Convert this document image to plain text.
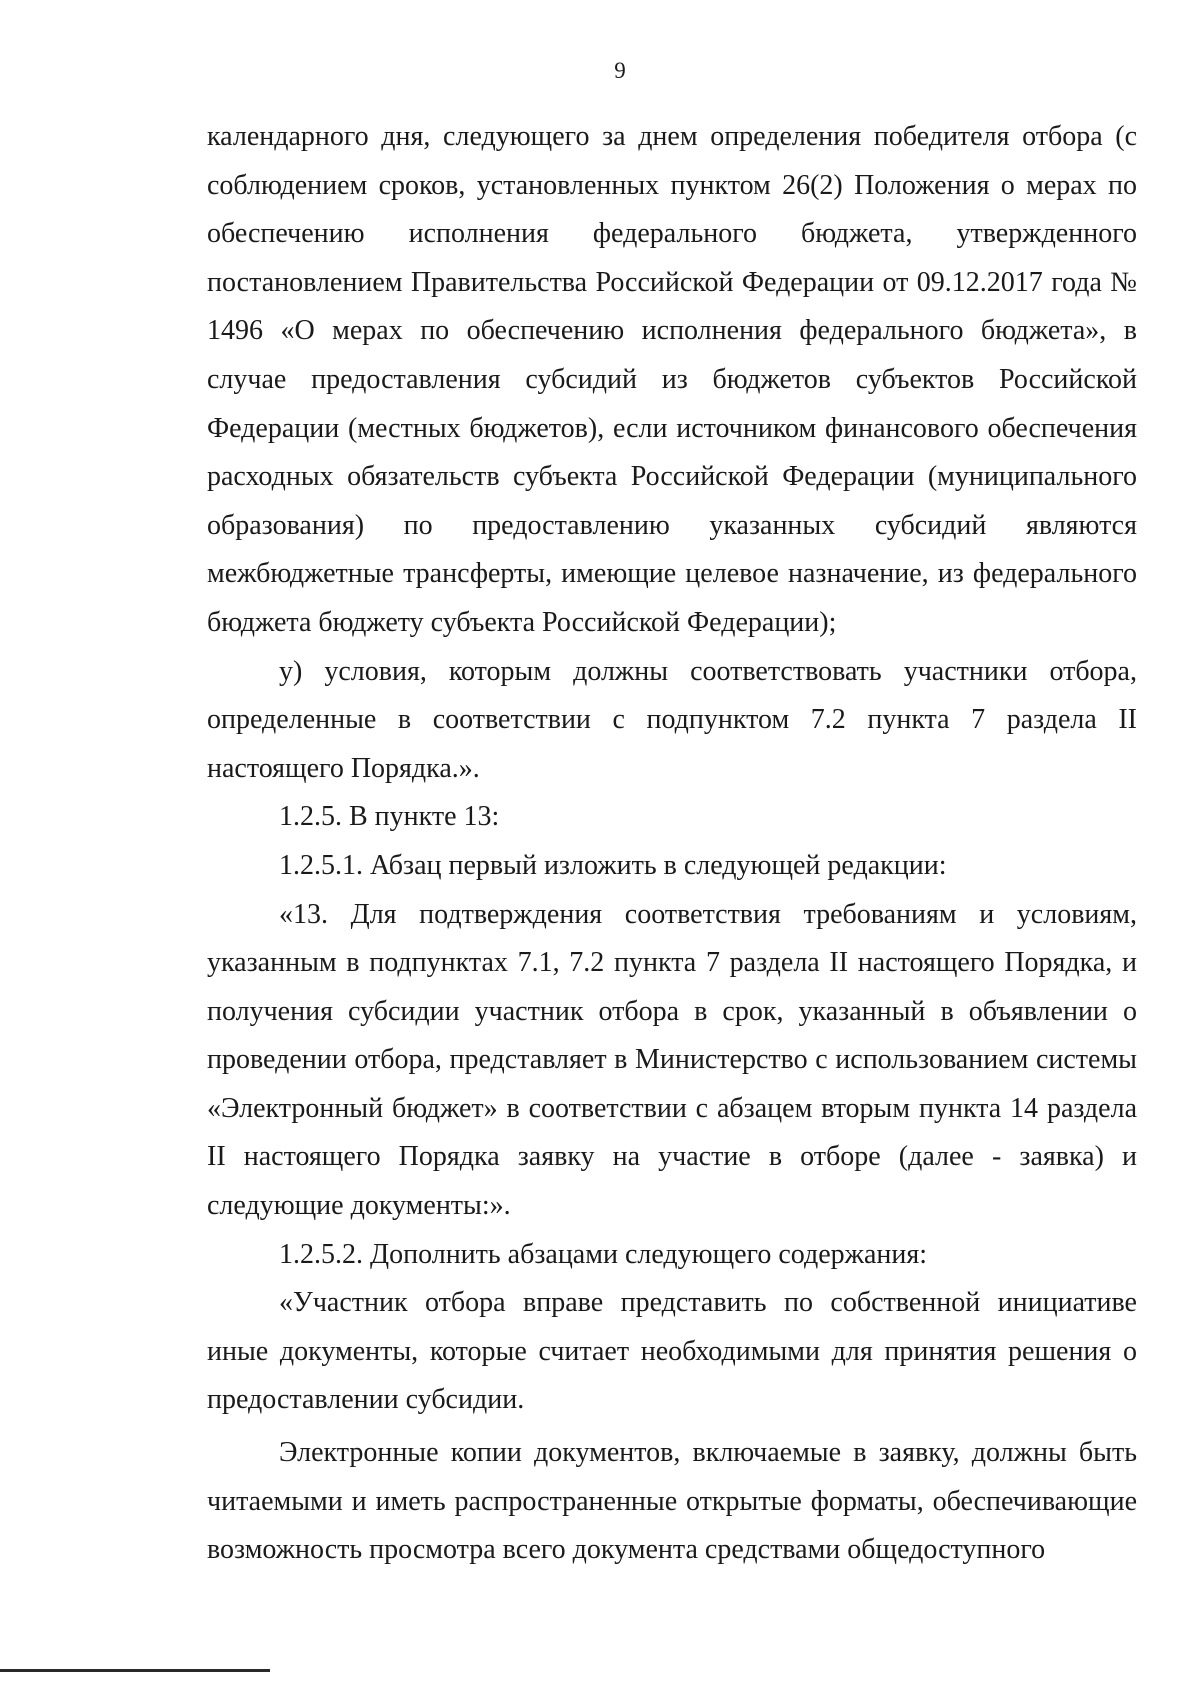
9

календарного дня, следующего за днем определения победителя отбора (с соблюдением сроков, установленных пунктом 26(2) Положения о мерах по обеспечению исполнения федерального бюджета, утвержденного постановлением Правительства Российской Федерации от 09.12.2017 года № 1496 «О мерах по обеспечению исполнения федерального бюджета», в случае предоставления субсидий из бюджетов субъектов Российской Федерации (местных бюджетов), если источником финансового обеспечения расходных обязательств субъекта Российской Федерации (муниципального образования) по предоставлению указанных субсидий являются межбюджетные трансферты, имеющие целевое назначение, из федерального бюджета бюджету субъекта Российской Федерации);

у) условия, которым должны соответствовать участники отбора, определенные в соответствии с подпунктом 7.2 пункта 7 раздела II настоящего Порядка.».

1.2.5. В пункте 13:

1.2.5.1. Абзац первый изложить в следующей редакции:

«13. Для подтверждения соответствия требованиям и условиям, указанным в подпунктах 7.1, 7.2 пункта 7 раздела II настоящего Порядка, и получения субсидии участник отбора в срок, указанный в объявлении о проведении отбора, представляет в Министерство с использованием системы «Электронный бюджет» в соответствии с абзацем вторым пункта 14 раздела II настоящего Порядка заявку на участие в отборе (далее - заявка) и следующие документы:».

1.2.5.2. Дополнить абзацами следующего содержания:

«Участник отбора вправе представить по собственной инициативе иные документы, которые считает необходимыми для принятия решения о предоставлении субсидии.

Электронные копии документов, включаемые в заявку, должны быть читаемыми и иметь распространенные открытые форматы, обеспечивающие возможность просмотра всего документа средствами общедоступного
